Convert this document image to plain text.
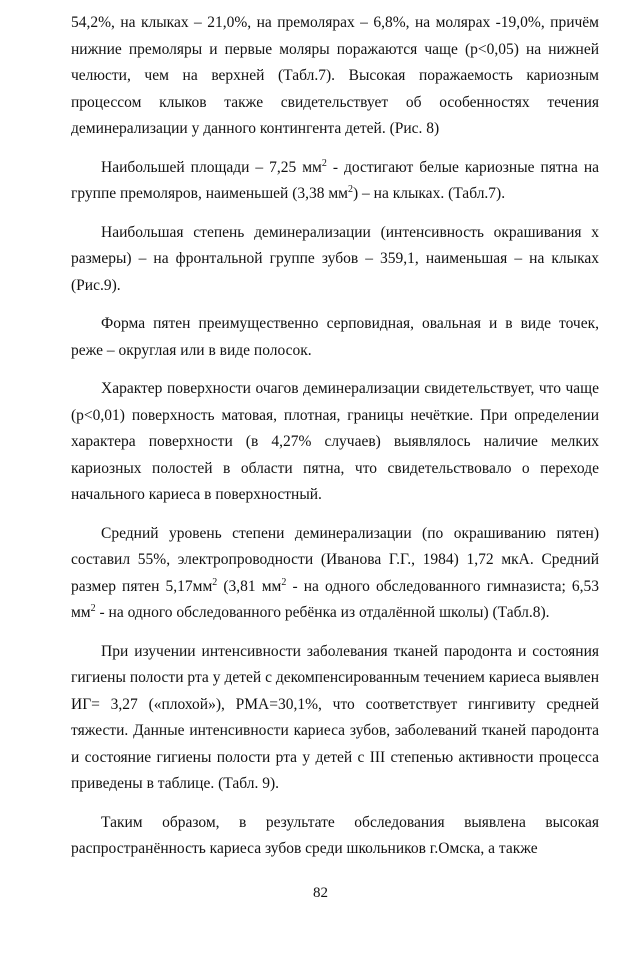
54,2%, на клыках – 21,0%, на премолярах – 6,8%, на молярах -19,0%, причём нижние премоляры и первые моляры поражаются чаще (р<0,05) на нижней челюсти, чем на верхней (Табл.7). Высокая поражаемость кариозным процессом клыков также свидетельствует об особенностях течения деминерализации у данного контингента детей. (Рис. 8)

Наибольшей площади – 7,25 $мм^2$ - достигают белые кариозные пятна на группе премоляров, наименьшей (3,38 $мм^2$) – на клыках. (Табл.7).

Наибольшая степень деминерализации (интенсивность окрашивания х размеры) – на фронтальной группе зубов – 359,1, наименьшая – на клыках (Рис.9).

Форма пятен преимущественно серповидная, овальная и в виде точек, реже – округлая или в виде полосок.

Характер поверхности очагов деминерализации свидетельствует, что чаще (р<0,01) поверхность матовая, плотная, границы нечёткие. При определении характера поверхности (в 4,27% случаев) выявлялось наличие мелких кариозных полостей в области пятна, что свидетельствовало о переходе начального кариеса в поверхностный.

Средний уровень степени деминерализации (по окрашиванию пятен) составил 55%, электропроводности (Иванова Г.Г., 1984) 1,72 мкА. Средний размер пятен $5,17мм^2$ (3,81 $мм^2$ - на одного обследованного гимназиста; 6,53 $мм^2$ - на одного обследованного ребёнка из отдалённой школы) (Табл.8).

При изучении интенсивности заболевания тканей пародонта и состояния гигиены полости рта у детей с декомпенсированным течением кариеса выявлен ИГ= 3,27 («плохой»), РМА=30,1%, что соответствует гингивиту средней тяжести. Данные интенсивности кариеса зубов, заболеваний тканей пародонта и состояние гигиены полости рта у детей с III степенью активности процесса приведены в таблице. (Табл. 9).

Таким образом, в результате обследования выявлена высокая распространённость кариеса зубов среди школьников г.Омска, а также

82
